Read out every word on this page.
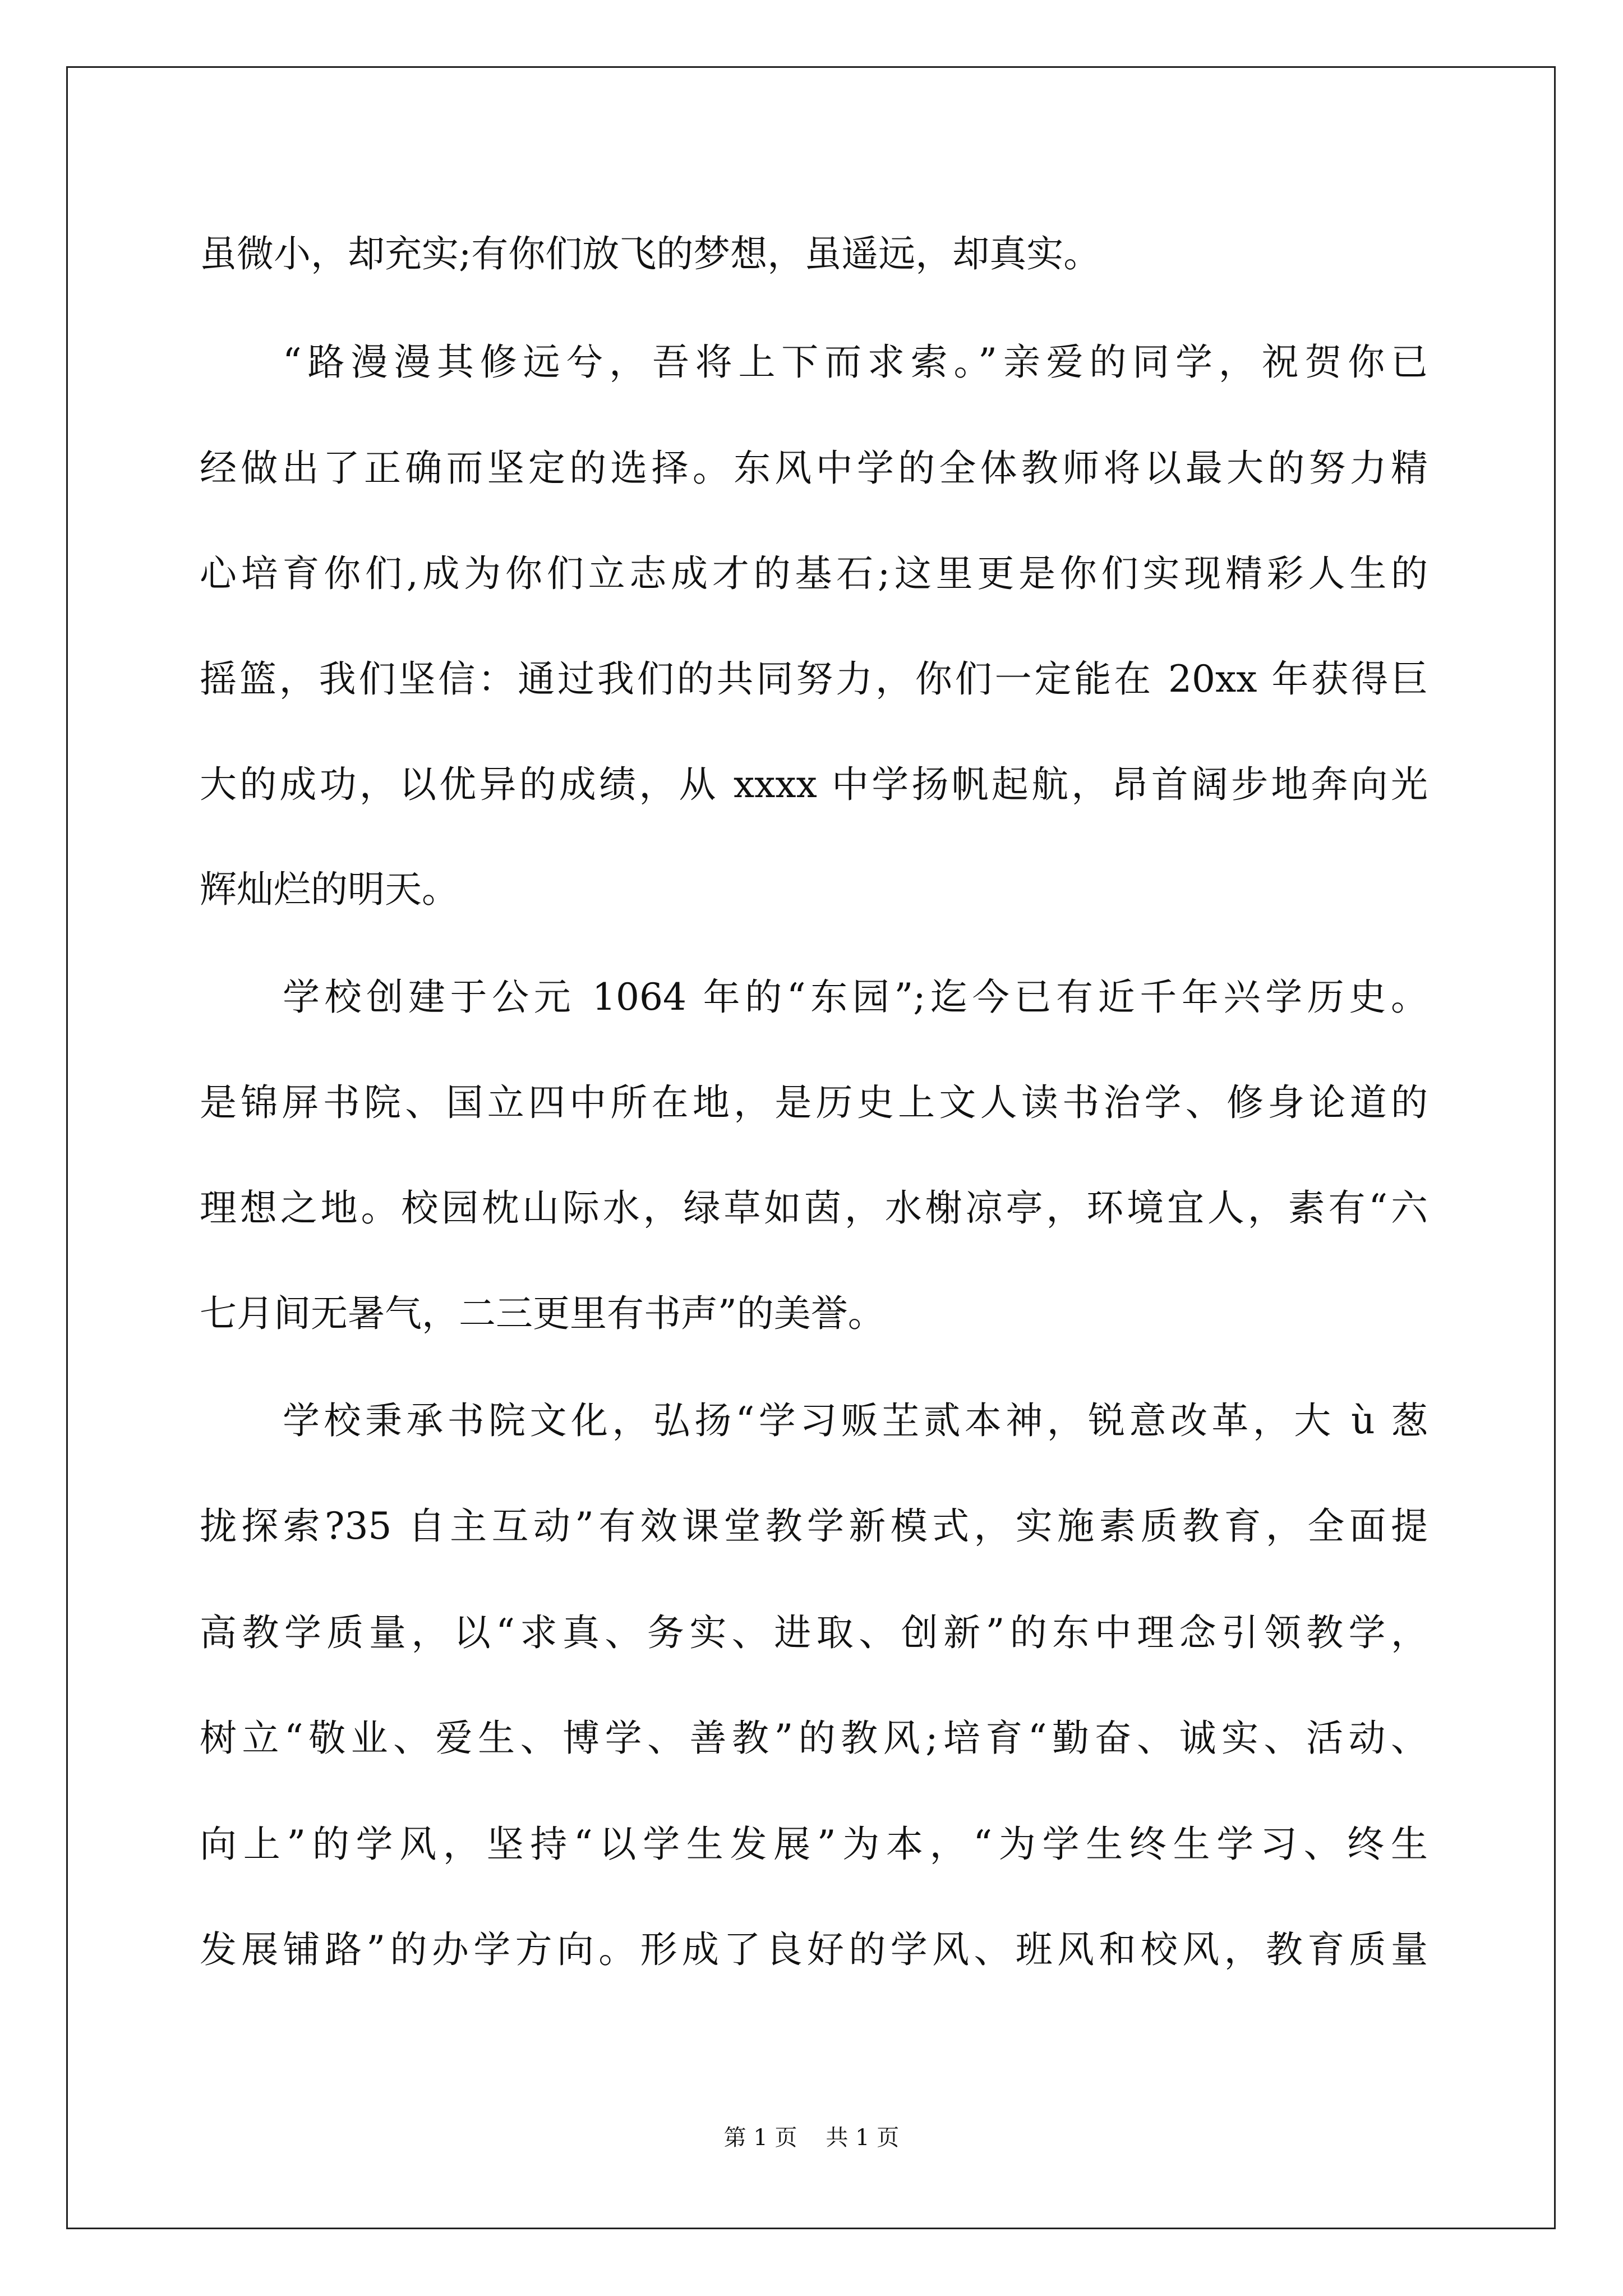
虽微小，却充实;有你们放飞的梦想，虽遥远，却真实。
“路漫漫其修远兮，吾将上下而求索。”亲爱的同学，祝贺你已
经做出了正确而坚定的选择。东风中学的全体教师将以最大的努力精
心培育你们,成为你们立志成才的基石;这里更是你们实现精彩人生的
摇篮，我们坚信：通过我们的共同努力，你们一定能在 20xx 年获得巨
大的成功，以优异的成绩，从 xxxx 中学扬帆起航，昂首阔步地奔向光
辉灿烂的明天。
学校创建于公元 1064 年的“东园”;迄今已有近千年兴学历史。
是锦屏书院、国立四中所在地，是历史上文人读书治学、修身论道的
理想之地。校园枕山际水，绿草如茵，水榭凉亭，环境宜人，素有“六
七月间无暑气，二三更里有书声”的美誉。
学校秉承书院文化，弘扬“学习贩芏贰本神，锐意改革，大 ù 葱
拢探索?35 自主互动”有效课堂教学新模式，实施素质教育，全面提
高教学质量，以“求真、务实、进取、创新”的东中理念引领教学，
树立“敬业、爱生、博学、善教”的教风;培育“勤奋、诚实、活动、
向上”的学风，坚持“以学生发展”为本，“为学生终生学习、终生
发展铺路”的办学方向。形成了良好的学风、班风和校风，教育质量
第 1 页 共 1 页
